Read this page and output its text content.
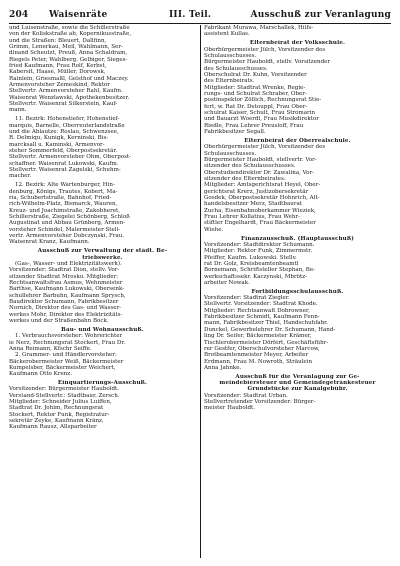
204 Waisenräte	III. Teil.	Ausschuß zur Veranlagung
und Luisenstraße, sowie die Schillerstraße
von der Koliskstraße ab, Kopernikusstraße,
und die Straßen: Bleuert, Dallfinn,
Grimm, Lenerkau, Meil, Wahlmann, Ser-
dinand Scheutzt, Preuß, Anna Schaldram,
Riegels Peter, Wahlberg, Gelbiger, Sieges-
fried Kaufmann, Frau Rolf, Kerbst,
Kabersit, Haase, Müller, Dorowsk,
Rainlein, Griesmaßl, Gelsthof und Maczey.
Armenvorsteher Zemeskind, Rektor
Stellvertr. Armenvorsteher Rahl, Kaufm.
Waisenrat Wenzlawski, Apothekenbesitzer.
Stellvertr. Waisenrat Silkerstein, Kauf-
mann.
11. Bezirk: Hohenstiefer, Hohenstief-
marquis, Barnelle, Oberreuterlandstraße
und die Ablautze: Roslau, Schwenzsee,
R. Delmiqu, Kunigk, Kerninski, Bis-
marcksall u. Kaminski, Armenvor-
steher Sommerfeld, Oberpostsekretär.
Stellvertr. Armenvorsteher Ohm, Oberpost-
schaffner. Waisenrat Lukowski, Kaufm.
Stellvertr. Waisenrat Zagelski, Schuhm-
macher.
12. Bezirk: Alte Wartenburger, Hin-
denburg, Königs, Trautes, Kobert, Ma-
ria, Schubertstraße, Bahnhof, Fried-
rich-Wilhelm-Platz, Bismarck, Wauren,
Kreuz- und Joachimstraße, Zakobheret,
Schillerstraße, Ziegelei Schönberg, Schloß
Augustinat und Abbau Grünberg, Armen-
vorsteher Schindel, Malermeister Stell-
vertr. Armenvorsteher Dobczynski, Frau.
Waisenrat Kranz, Kaufmann.
Ausschuß zur Verwaltung der städt. Be-
triebswerke.
(Gas-, Wasser- und Elektrizitätswerk).
Vorsitzender: Stadtrat Dion, stellv. Vor-
sitzender Stadtrat Mrosko. Mitglieder:
Rechtsanwaltsfrau Asmus, Wehnmeister
Barthse, Kaufmann Lukowski, Obersenk-
schullehrer Barbuhn, Kaufmann Sprysch,
Baudirektor Schumann, Fabrikbesitzer
Nornich, Direktor des Gas- und Wasser-
werkes Mohr, Direktor des Elektrizitäts-
werkes und der Straßenbahn Bock.
Bau- und Wohnausschuß.
1. Verbrauchsvorsteher: Wohrerichter
ie Nerz, Rechnungsrat Stockert, Frau Dr.
Anna Reimann, Kfschr Seiffe.
2. Grammer- und Händlervorsteher:
Bäckerobermeister Weiß, Bäckermeister
Kumpelsber, Bäckermeister Weichert,
Kaufmann Otto Krenz.
Einquartierungs-Ausschuß.
Vorsitzender: Bürgermeister Hauboldt.
Verstand-Stellvertr.: Stadtbaur. Zersch.
Mitglieder: Schneider Julius Luiffen,
Stadtrat Dr. Johim, Rechnungsrat
Stockert, Rektor Funk, Registratur-
sekretär Zeyke, Kaufmann Kränz,
Kaufmann Rausz, Allsparbeiter
Fabrikant Murawa, Marschallek, Hilfs-
assistent Kullas.
Elternbeirat der Volksschule.
Oberbürgermeister Jülch, Vorsitzender des
Schulausschusses.
Bürgermeister Hauboldt, stellv. Vorsitzender
des Schulausschusses.
Oberschulrat Dr. Kuhn, Vorsitzender
des Elternbeirats.
Mitglieder: Stadtrat Wrenke, Regie-
rungs- und Schulrat Schraber, Ober-
postinspektor Zöllich, Rechnungsrat Stie-
fert, w. Rat Dr. Detouppl, Frau Ober-
schulrat Kaiser, Schult, Frau Stromarin
und Bauarzt Woerdl, Frau Musikdirektor
Riedle, Frau Lehrer Preusloff, Frau
Fabrikbesitzer Segall.
Elternbeirat der Oberrealschule.
Oberbürgermeister Jülch, Vorsitzender des
Schulausschusses.
Bürgermeister Hauboldt, stellvertr. Vor-
sitzender des Schulausschusses.
Oberstudiendirektor Dr. Zawalina, Vor-
sitzender des Elternbeirates.
Mitglieder: Amtsgerichtsrat Heyel, Ober-
gerichtsrat Krerz, Justizobersekretär
Gosdek, Oberpostsekretär Hohnrich, Alt-
handelsbesitzer Merz, Stadtbaurat
Zucha, Eisenbahnoberkammer Wieziek,
Frau Lehrer Kollatius, Frau Wehr-
stiftler Engelhardt, Frau Bäckermeister
Wiehe.
Finanzausschuß. (Hauptausschuß)
Vorsitzender: Stadtdirektor Schumann.
Mitglieder: Rektor Funk, Zimmermstr.
Pfeiffer, Kaufm. Lukowski. Stellv.
rat Dr. Golz, Kreisbeamtenbeamtl
Bornemann, Schriftsteller Stephan, Be-
werkschaftssekr. Kaczynski, Mbrötz-
arbeiter Nowak.
Fortbildungsschulausschuß.
Vorsitzender: Stadtrat Ziegler.
Stellvertr. Vorsitzender: Stadtrat Khode.
Mitglieder: Rechtsanwalt Dobrowner,
Fabrikbesitzer Schmidt, Kaufmann Fenn-
mann, Fabrikbesitzer Thiel, Handschuhfabr.
Dunckel, Gewerbelehrer Dr. Schumann, Hand-
ling Dr. Seifer, Bäckermeister Krämer,
Tischlerobermeister Dörfert, Geschäftsführ-
rer Gestfer, Oberschulvorsteher Marcow,
Brotbeamtenmeister Meyer, Arbeiter
Erdmann, Frau M. Nowroth, Sträulein
Anna Jahnke.
Ausschuß für die Veranlagung zur Ge-
meindebiersteuer und Gemeindegetränkesteuer
Grundstücke zur Kanalgebühr.
Vorsitzender: Stadtrat Urban.
Stellvertretender Vorsitzender: Bürger-
meister Hauboldt.
